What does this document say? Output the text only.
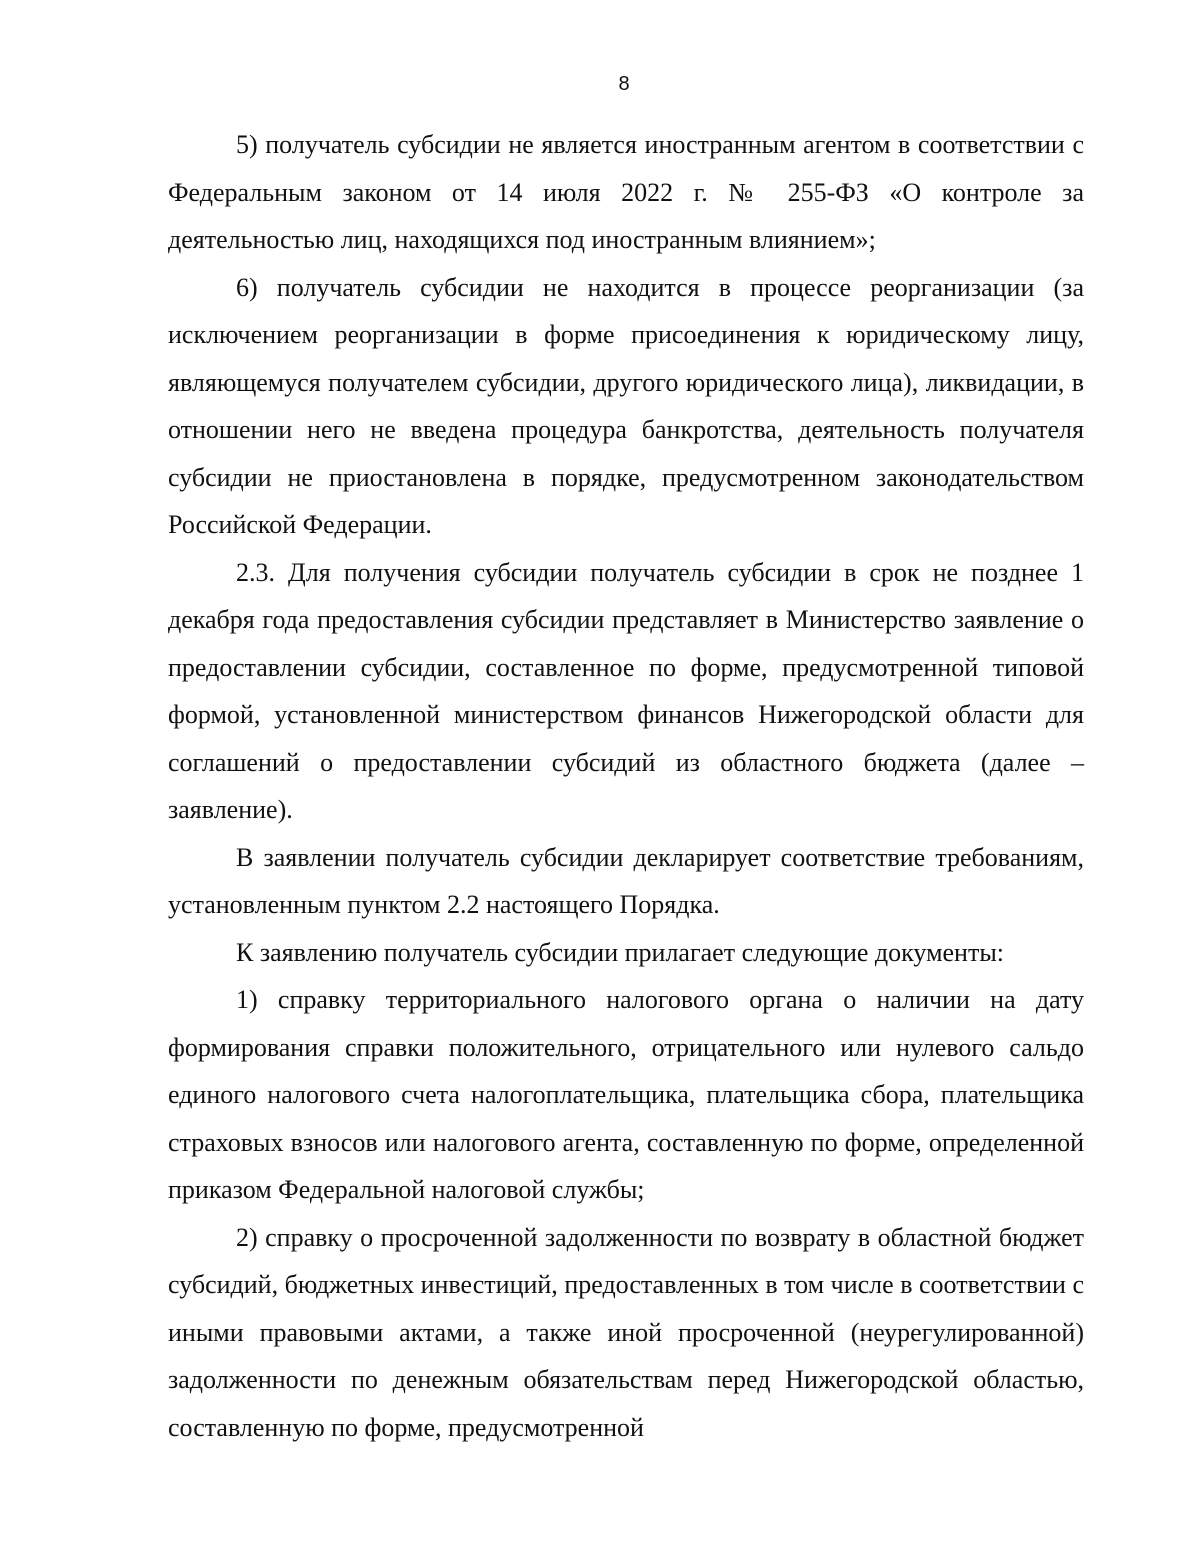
8

5) получатель субсидии не является иностранным агентом в соответствии с Федеральным законом от 14 июля 2022 г. № 255-ФЗ «О контроле за деятельностью лиц, находящихся под иностранным влиянием»;

6) получатель субсидии не находится в процессе реорганизации (за исключением реорганизации в форме присоединения к юридическому лицу, являющемуся получателем субсидии, другого юридического лица), ликвидации, в отношении него не введена процедура банкротства, деятельность получателя субсидии не приостановлена в порядке, предусмотренном законодательством Российской Федерации.

2.3. Для получения субсидии получатель субсидии в срок не позднее 1 декабря года предоставления субсидии представляет в Министерство заявление о предоставлении субсидии, составленное по форме, предусмотренной типовой формой, установленной министерством финансов Нижегородской области для соглашений о предоставлении субсидий из областного бюджета (далее – заявление).

В заявлении получатель субсидии декларирует соответствие требованиям, установленным пунктом 2.2 настоящего Порядка.

К заявлению получатель субсидии прилагает следующие документы:

1) справку территориального налогового органа о наличии на дату формирования справки положительного, отрицательного или нулевого сальдо единого налогового счета налогоплательщика, плательщика сбора, плательщика страховых взносов или налогового агента, составленную по форме, определенной приказом Федеральной налоговой службы;

2) справку о просроченной задолженности по возврату в областной бюджет субсидий, бюджетных инвестиций, предоставленных в том числе в соответствии с иными правовыми актами, а также иной просроченной (неурегулированной) задолженности по денежным обязательствам перед Нижегородской областью, составленную по форме, предусмотренной
